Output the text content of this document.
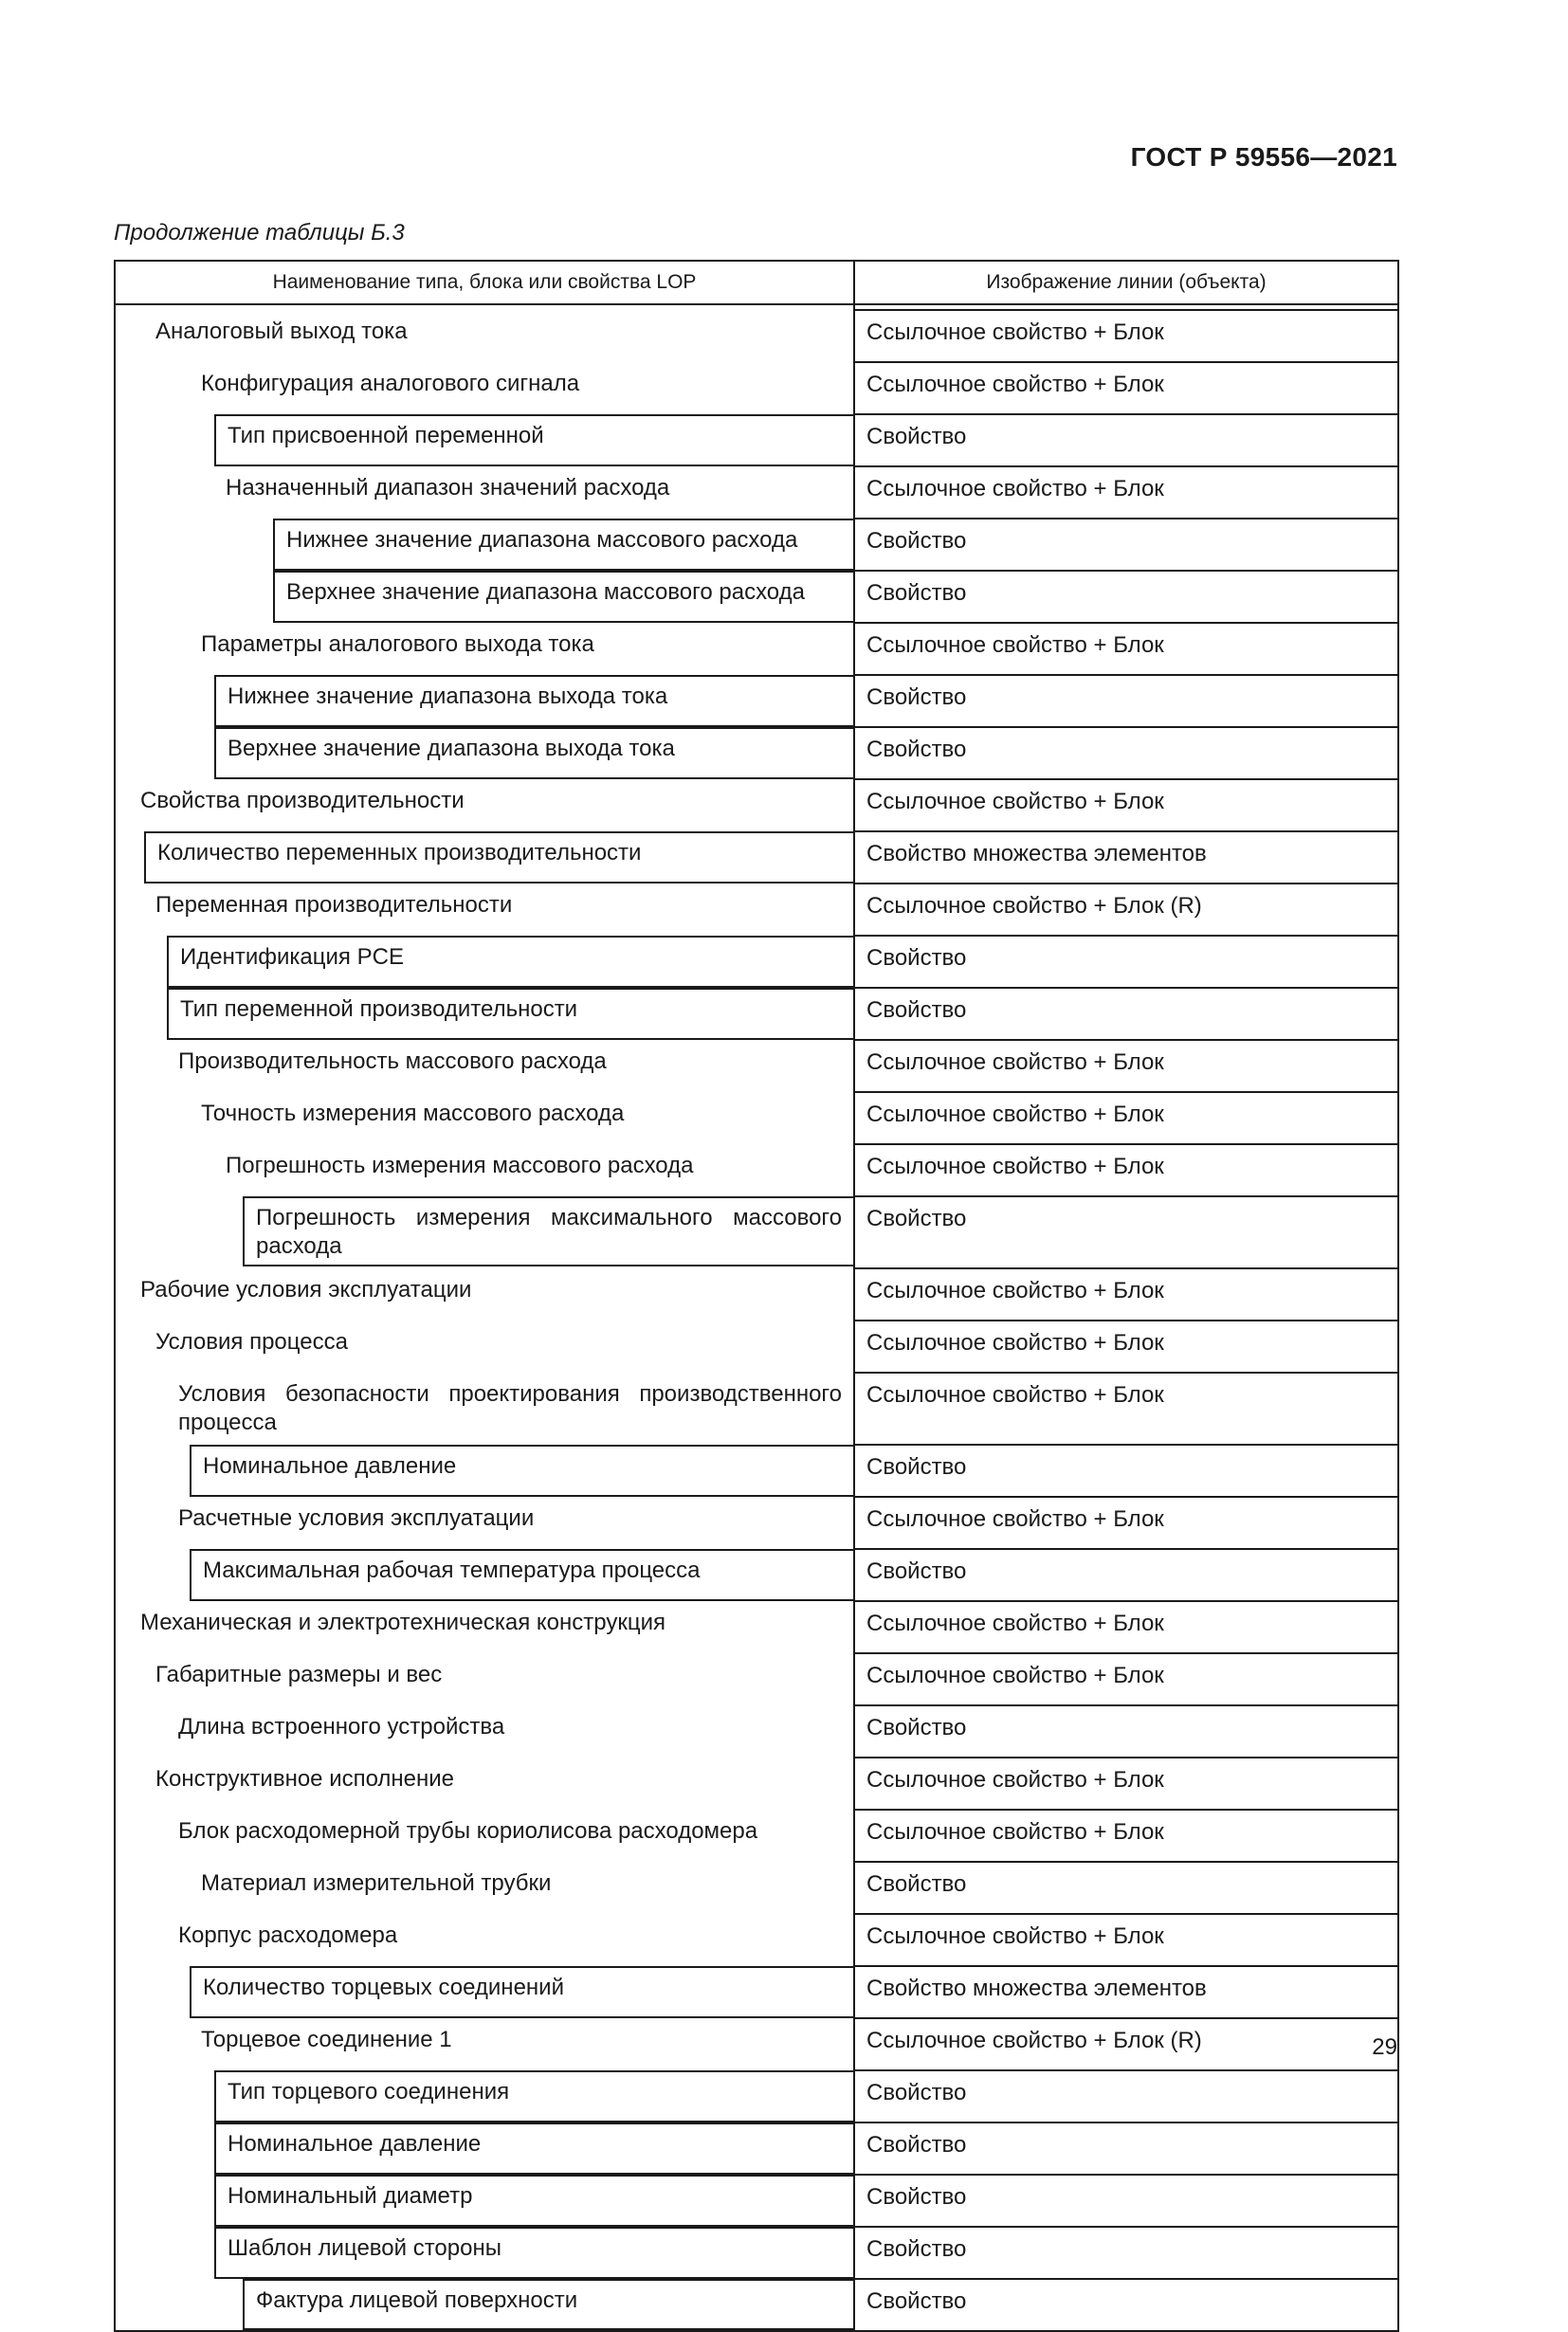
ГОСТ Р 59556—2021
Продолжение таблицы Б.3
Наименование типа, блока или свойства LOP	Изображение линии (объекта)

Аналоговый выход тока	Ссылочное свойство + Блок

Конфигурация аналогового сигнала	Ссылочное свойство + Блок

Тип присвоенной переменной	Свойство

Назначенный диапазон значений расхода	Ссылочное свойство + Блок

Нижнее значение диапазона массового расхода	Свойство

Верхнее значение диапазона массового расхода	Свойство

Параметры аналогового выхода тока	Ссылочное свойство + Блок

Нижнее значение диапазона выхода тока	Свойство

Верхнее значение диапазона выхода тока	Свойство

Свойства производительности	Ссылочное свойство + Блок

Количество переменных производительности	Свойство множества элементов

Переменная производительности	Ссылочное свойство + Блок (R)

Идентификация PCE	Свойство

Тип переменной производительности	Свойство

Производительность массового расхода	Ссылочное свойство + Блок

Точность измерения массового расхода	Ссылочное свойство + Блок

Погрешность измерения массового расхода	Ссылочное свойство + Блок

Погрешность измерения максимального массового расхода	Свойство

Рабочие условия эксплуатации	Ссылочное свойство + Блок

Условия процесса	Ссылочное свойство + Блок

Условия безопасности проектирования производственного процесса	Ссылочное свойство + Блок

Номинальное давление	Свойство

Расчетные условия эксплуатации	Ссылочное свойство + Блок

Максимальная рабочая температура процесса	Свойство

Механическая и электротехническая конструкция	Ссылочное свойство + Блок

Габаритные размеры и вес	Ссылочное свойство + Блок

Длина встроенного устройства	Свойство

Конструктивное исполнение	Ссылочное свойство + Блок

Блок расходомерной трубы кориолисова расходомера	Ссылочное свойство + Блок

Материал измерительной трубки	Свойство

Корпус расходомера	Ссылочное свойство + Блок

Количество торцевых соединений	Свойство множества элементов

Торцевое соединение 1	Ссылочное свойство + Блок (R)

Тип торцевого соединения	Свойство

Номинальное давление	Свойство

Номинальный диаметр	Свойство

Шаблон лицевой стороны	Свойство

Фактура лицевой поверхности	Свойство
29
